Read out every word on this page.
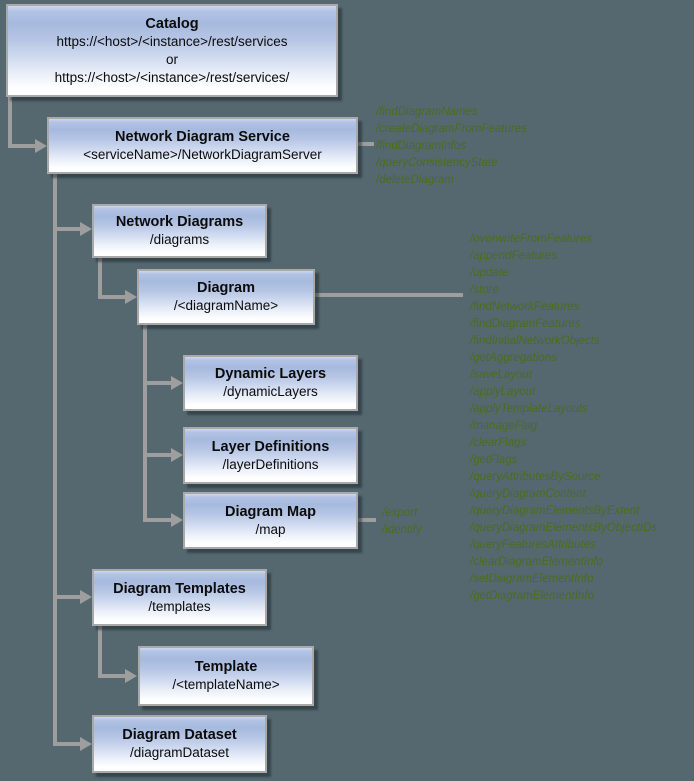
Catalog
https://<host>/<instance>/rest/services
or
https://<host>/<instance>/rest/services/
Network Diagram Service
<serviceName>/NetworkDiagramServer
Network Diagrams
/diagrams
Diagram
/<diagramName>
Dynamic Layers
/dynamicLayers
Layer Definitions
/layerDefinitions
Diagram Map
/map
Diagram Templates
/templates
Template
/<templateName>
Diagram Dataset
/diagramDataset
/findDiagramNames
/createDiagramFromFeatures
/findDiagramInfos
/queryConsistencyState
/deleteDiagram
/overwriteFromFeatures
/appendFeatures
/update
/store
/findNetworkFeatures
/findDiagramFeatures
/findInitialNetworkObjects
/getAggregations
/saveLayout
/applyLayout
/applyTemplateLayouts
/manageFlag
/clearFlags
/getFlags
/queryAttributesBySource
/queryDiagramContent
/queryDiagramElementsByExtent
/queryDiagramElementsByObjectIDs
/queryFeaturesAttributes
/clearDiagramElementInfo
/setDiagramElementInfo
/getDiagramElementInfo
/export
/identify
